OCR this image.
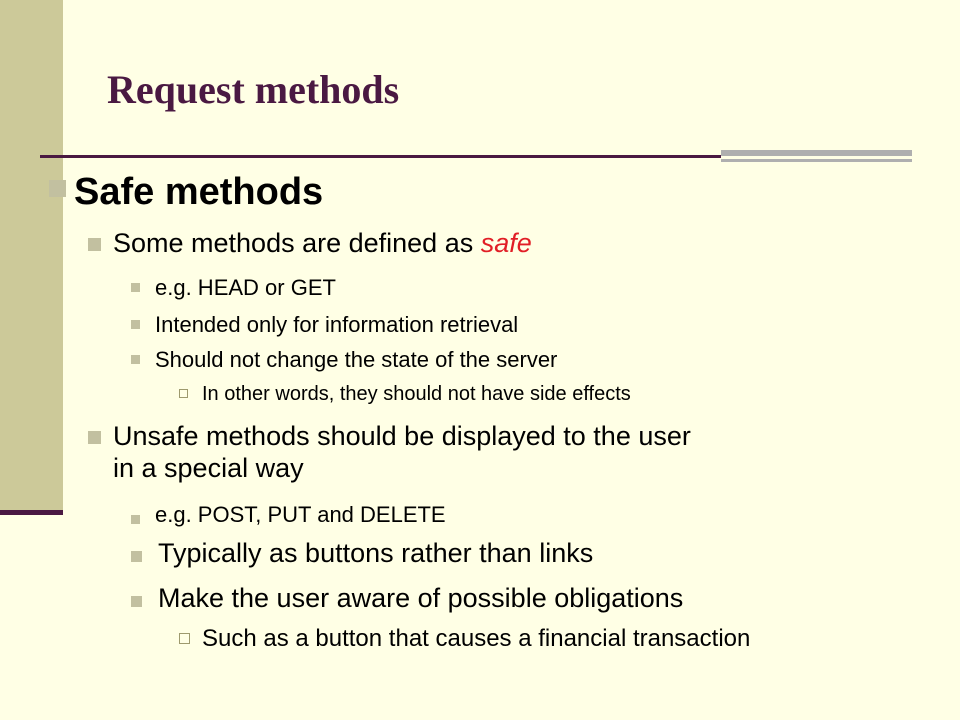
Request methods
Safe methods
Some methods are defined as safe
e.g. HEAD or GET
Intended only for information retrieval
Should not change the state of the server
In other words, they should not have side effects
Unsafe methods should be displayed to the user
in a special way
e.g. POST, PUT and DELETE
Typically as buttons rather than links
Make the user aware of possible obligations
Such as a button that causes a financial transaction
